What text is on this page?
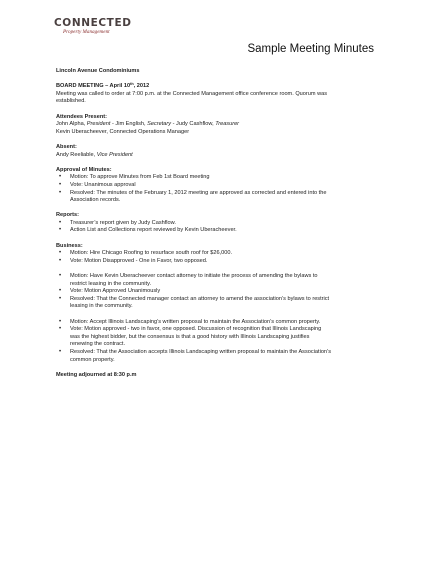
CONNECTED
Property Management
Sample Meeting Minutes

Lincoln Avenue Condominiums

BOARD MEETING – April 10th, 2012

Meeting was called to order at 7:00 p.m. at the Connected Management office conference room. Quorum was

established.

Attendees Present:

John Alpha, President - Jim English, Secretary - Judy Cashflow, Treasurer

Kevin Uberacheever, Connected Operations Manager

Absent:

Andy Reeliable, Vice President

Approval of Minutes:

• Motion: To approve Minutes from Feb 1st Board meeting
• Vote: Unanimous approval
• Resolved: The minutes of the February 1, 2012 meeting are approved as corrected and entered into the

Association records.

Reports:

• Treasurer’s report given by Judy Cashflow.
• Action List and Collections report reviewed by Kevin Uberacheever.

Business:

• Motion: Hire Chicago Roofing to resurface south roof for $26,000.
• Vote: Motion Disapproved - One in Favor, two opposed.
• Motion: Have Kevin Uberacheever contact attorney to initiate the process of amending the bylaws to

restrict leasing in the community.

• Vote: Motion Approved Unanimously
• Resolved: That the Connected manager contact an attorney to amend the association’s bylaws to restrict

leasing in the community.

• Motion: Accept Illinois Landscaping’s written proposal to maintain the Association’s common property.
• Vote: Motion approved - two in favor, one opposed. Discussion of recognition that Illinois Landscaping

was the highest bidder, but the consensus is that a good history with Illinois Landscaping justifies

renewing the contract.

• Resolved: That the Association accepts Illinois Landscaping written proposal to maintain the Association’s

common property.

Meeting adjourned at 8:30 p.m
